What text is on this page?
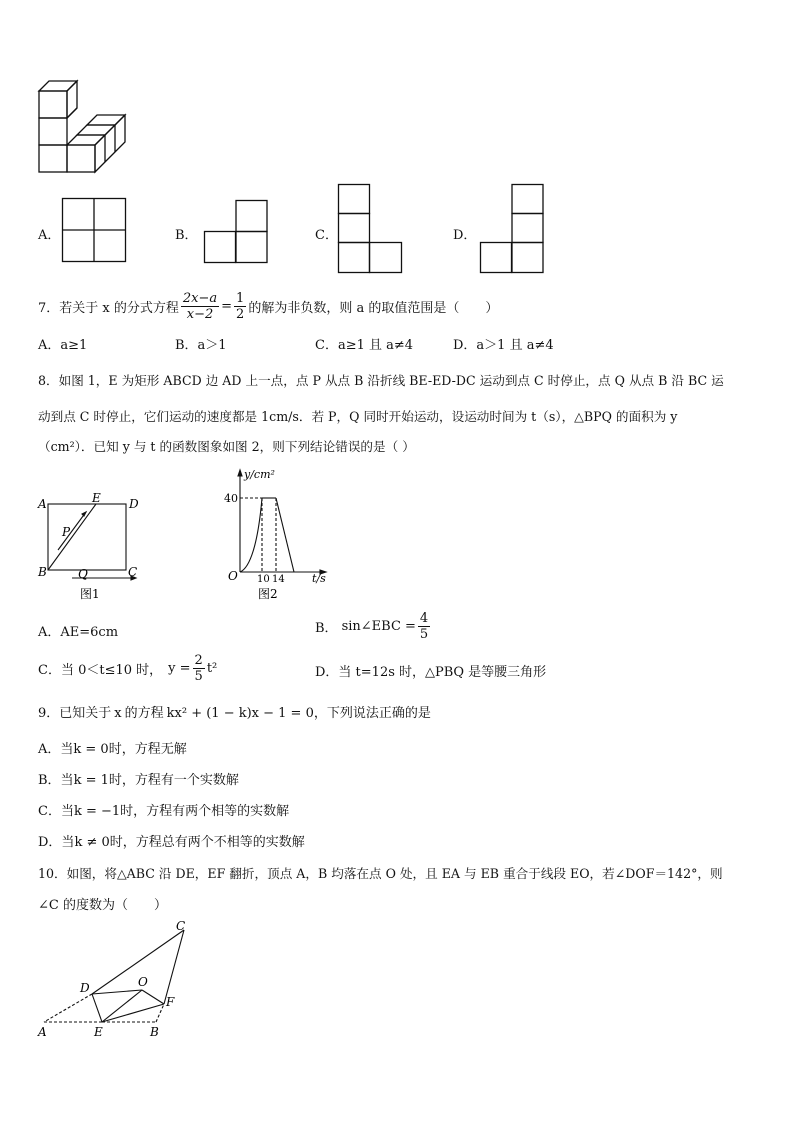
A．	B．	C．	D．
7．若关于 x 的分式方程 $\frac{2x-a}{x-2} = \frac{1}{2}$ 的解为非负数，则 a 的取值范围是（　　）
A．a≥1	B．a＞1	C．a≥1 且 a≠4	D．a＞1 且 a≠4
8．如图 1，E 为矩形 ABCD 边 AD 上一点，点 P 从点 B 沿折线 BE-ED-DC 运动到点 C 时停止，点 Q 从点 B 沿 BC 运
动到点 C 时停止，它们运动的速度都是 1cm/s．若 P，Q 同时开始运动，设运动时间为 t（s），△BPQ 的面积为 y
（cm²）．已知 y 与 t 的函数图象如图 2，则下列结论错误的是（ ）
A	E D
P
B	Q	C
图1
y/cm²
40
O 10 14 t/s
图2
A．AE=6cm	B． sin∠EBC = $\frac{4}{5}$
C．当 0＜t≤10 时， $y = \frac{2}{5} t^2$	D．当 t=12s 时，△PBQ 是等腰三角形
9．已知关于 x 的方程 kx² + (1 − k)x − 1 = 0，下列说法正确的是
A．当k = 0时，方程无解
B．当k = 1时，方程有一个实数解
C．当k = −1时，方程有两个相等的实数解
D．当k ≠ 0时，方程总有两个不相等的实数解
10．如图，将△ABC 沿 DE，EF 翻折，顶点 A，B 均落在点 O 处，且 EA 与 EB 重合于线段 EO，若∠DOF＝142°，则
∠C 的度数为（　　）
C
D	O
F
A	E	B
